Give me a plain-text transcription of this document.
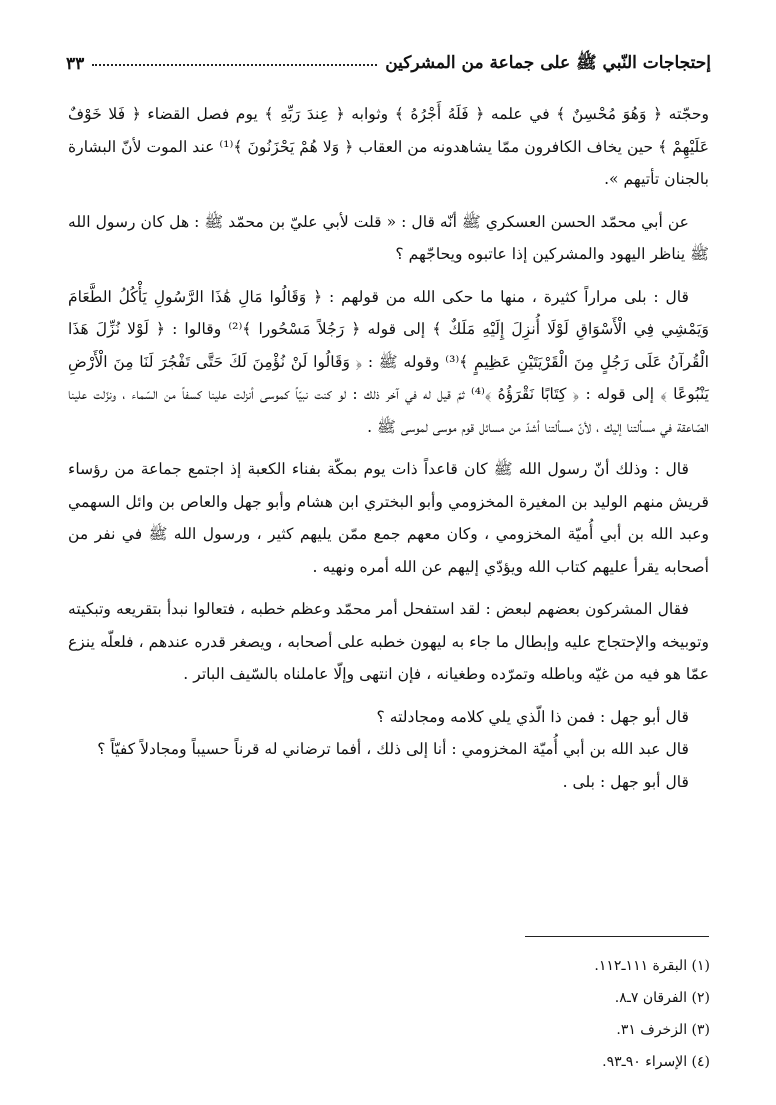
إحتجاجات النّبي ﷺ على جماعة من المشركين
٣٣

وحجّته ﴿ وَهُوَ مُحْسِنٌ ﴾ في علمه ﴿ فَلَهُ أَجْرُهُ ﴾ وثوابه ﴿ عِندَ رَبِّهِ ﴾ يوم فصل القضاء ﴿ فَلا خَوْفٌ عَلَيْهِمْ ﴾ حين يخاف الكافرون ممّا يشاهدونه من العقاب ﴿ وَلا هُمْ يَحْزَنُونَ ﴾⁽¹⁾ عند الموت لأنّ البشارة بالجنان تأتيهم ».

عن أبي محمّد الحسن العسكري ﷺ أنّه قال : « قلت لأبي عليّ بن محمّد ﷺ : هل كان رسول الله ﷺ يناظر اليهود والمشركين إذا عاتبوه ويحاجّهم ؟

قال : بلى مراراً كثيرة ، منها ما حكى الله من قولهم : ﴿ وَقَالُوا مَالِ هَٰذَا الرَّسُولِ يَأْكُلُ الطَّعَامَ وَيَمْشِي فِي الْأَسْوَاقِ لَوْلَا أُنزِلَ إِلَيْهِ مَلَكٌ ﴾ إلى قوله ﴿ رَجُلاً مَسْحُورا ﴾⁽²⁾ وقالوا : ﴿ لَوْلا نُزِّلَ هَذَا الْقُرآنُ عَلَى رَجُلٍ مِنَ الْقَرْيَتَيْنِ عَظِيمٍ ﴾⁽³⁾ وقوله ﷺ : ﴿ وَقَالُوا لَنْ نُؤْمِنَ لَكَ حَتَّى تَفْجُرَ لَنَا مِنَ الْأَرْضِ يَنْبُوعًا ﴾ إلى قوله : ﴿ كِتَابًا نَقْرَؤُهُ ﴾⁽⁴⁾ ثمّ قيل له في آخر ذلك : لو كنت نبيّاً كموسى أنزلت علينا كسفاً من السّماء ، ونزّلت علينا الصّاعقة في مسألتنا إليك ، لأنّ مسألتنا أشدّ من مسائل قوم موسى لموسى ﷺ .

قال : وذلك أنّ رسول الله ﷺ كان قاعداً ذات يوم بمكّة بفناء الكعبة إذ اجتمع جماعة من رؤساء قريش منهم الوليد بن المغيرة المخزومي وأبو البختري ابن هشام وأبو جهل والعاص بن وائل السهمي وعبد الله بن أبي أُميّة المخزومي ، وكان معهم جمع ممّن يليهم كثير ، ورسول الله ﷺ في نفر من أصحابه يقرأ عليهم كتاب الله ويؤدّي إليهم عن الله أمره ونهيه .

فقال المشركون بعضهم لبعض : لقد استفحل أمر محمّد وعظم خطبه ، فتعالوا نبدأ بتقريعه وتبكيته وتوبيخه والإحتجاج عليه وإبطال ما جاء به ليهون خطبه على أصحابه ، ويصغر قدره عندهم ، فلعلّه ينزع عمّا هو فيه من غيّه وباطله وتمرّده وطغيانه ، فإن انتهى وإلّا عاملناه بالسّيف الباتر .

قال أبو جهل : فمن ذا الّذي يلي كلامه ومجادلته ؟

قال عبد الله بن أبي أُميّة المخزومي : أنا إلى ذلك ، أفما ترضاني له قرناً حسيباً ومجادلاً كفيّاً ؟

قال أبو جهل : بلى .

(١) البقرة ١١١ـ١١٢.
(٢) الفرقان ٧ـ٨.
(٣) الزخرف ٣١.
(٤) الإسراء ٩٠ـ٩٣.
